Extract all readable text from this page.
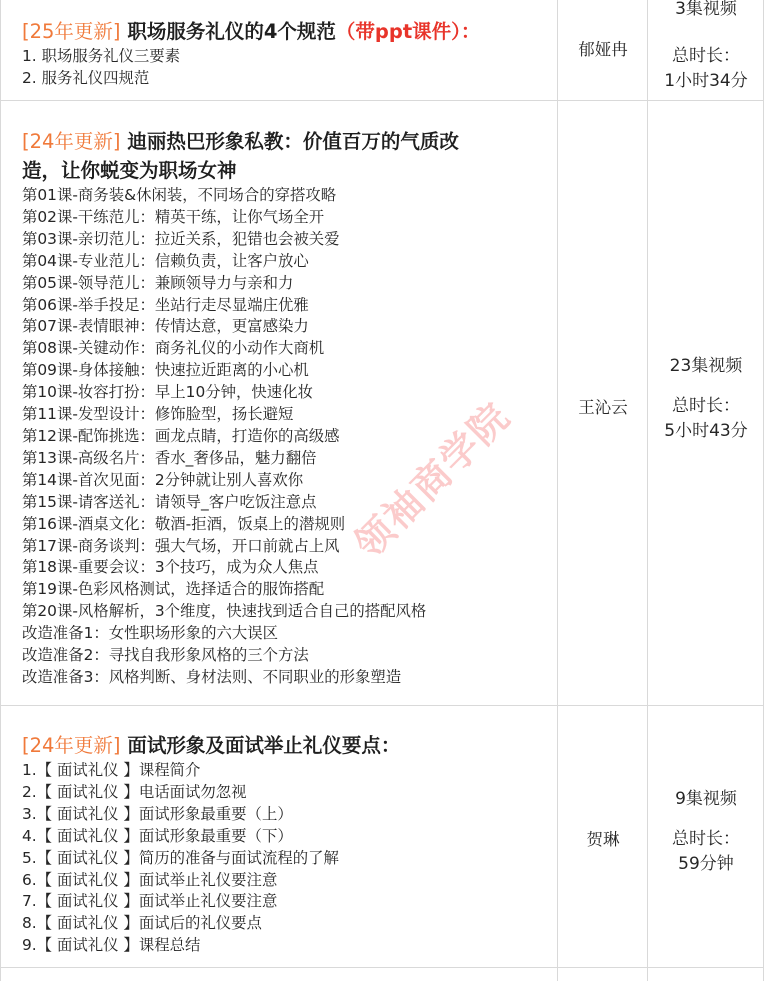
[25年更新] 职场服务礼仪的4个规范（带ppt课件）：
1. 职场服务礼仪三要素
2. 服务礼仪四规范
郁娅冉
3集视频
总时长：
1小时34分
[24年更新] 迪丽热巴形象私教：价值百万的气质改
造，让你蜕变为职场女神
第01课-商务装&休闲装，不同场合的穿搭攻略
第02课-干练范儿：精英干练，让你气场全开
第03课-亲切范儿：拉近关系，犯错也会被关爱
第04课-专业范儿：信赖负责，让客户放心
第05课-领导范儿：兼顾领导力与亲和力
第06课-举手投足：坐站行走尽显端庄优雅
第07课-表情眼神：传情达意，更富感染力
第08课-关键动作：商务礼仪的小动作大商机
第09课-身体接触：快速拉近距离的小心机
第10课-妆容打扮：早上10分钟，快速化妆
第11课-发型设计：修饰脸型，扬长避短
第12课-配饰挑选：画龙点睛，打造你的高级感
第13课-高级名片：香水_奢侈品，魅力翻倍
第14课-首次见面：2分钟就让别人喜欢你
第15课-请客送礼：请领导_客户吃饭注意点
第16课-酒桌文化：敬酒-拒酒，饭桌上的潜规则
第17课-商务谈判：强大气场，开口前就占上风
第18课-重要会议：3个技巧，成为众人焦点
第19课-色彩风格测试，选择适合的服饰搭配
第20课-风格解析，3个维度，快速找到适合自己的搭配风格
改造准备1：女性职场形象的六大误区
改造准备2：寻找自我形象风格的三个方法
改造准备3：风格判断、身材法则、不同职业的形象塑造
王沁云
23集视频
总时长：
5小时43分
[24年更新] 面试形象及面试举止礼仪要点：
1.【 面试礼仪 】课程简介
2.【 面试礼仪 】电话面试勿忽视
3.【 面试礼仪 】面试形象最重要（上）
4.【 面试礼仪 】面试形象最重要（下）
5.【 面试礼仪 】简历的准备与面试流程的了解
6.【 面试礼仪 】面试举止礼仪要注意
7.【 面试礼仪 】面试举止礼仪要注意
8.【 面试礼仪 】面试后的礼仪要点
9.【 面试礼仪 】课程总结
贺琳
9集视频
总时长：
59分钟
领袖商学院
